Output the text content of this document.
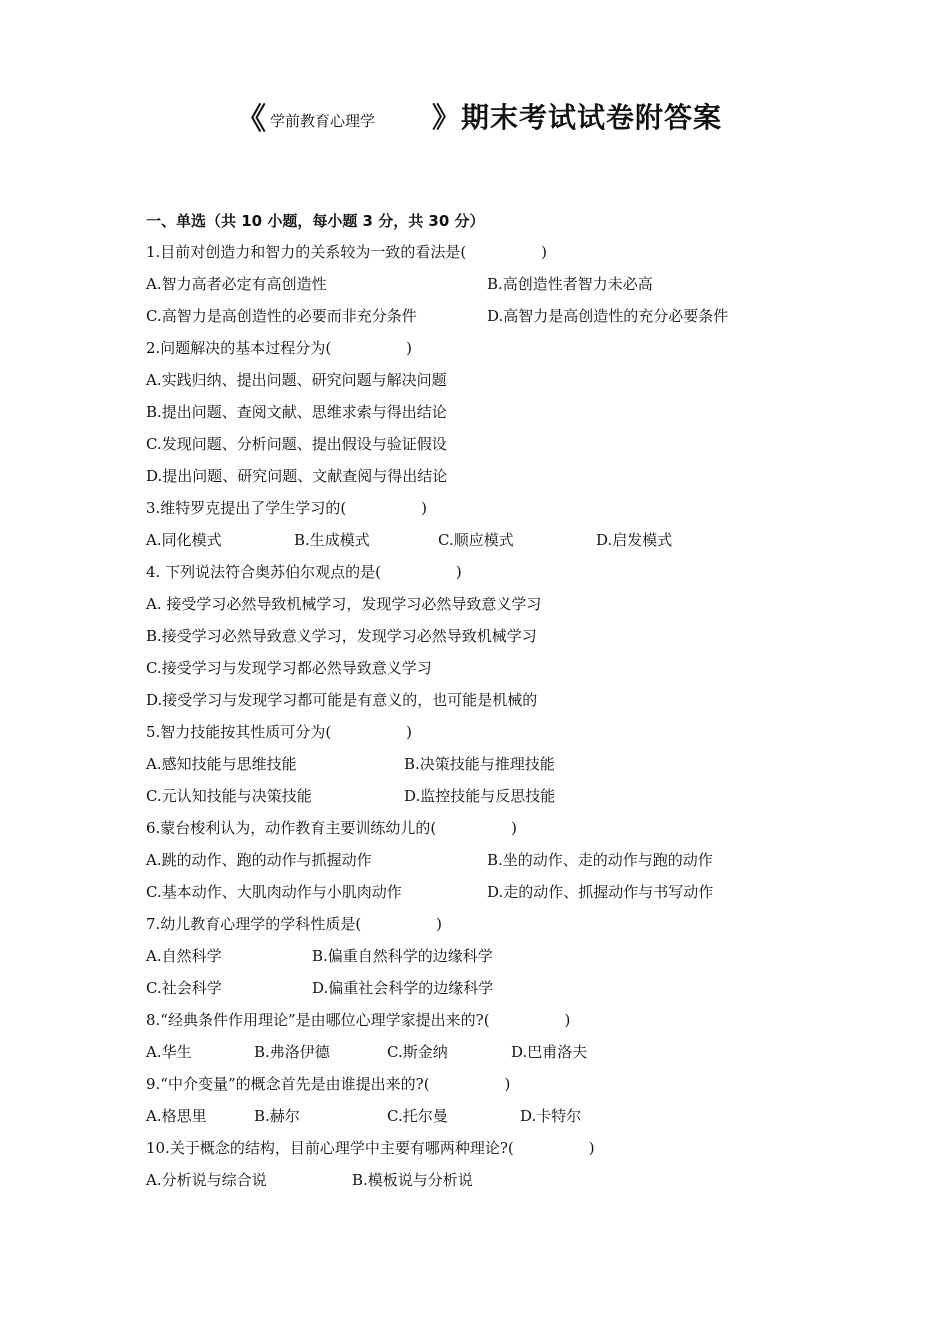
《 学前教育心理学 》期末考试试卷附答案
一、单选（共 10 小题，每小题 3 分，共 30 分）
1.目前对创造力和智力的关系较为一致的看法是(　　　　　)
A.智力高者必定有高创造性	B.高创造性者智力未必高
C.高智力是高创造性的必要而非充分条件	D.高智力是高创造性的充分必要条件
2.问题解决的基本过程分为(　　　　　)
A.实践归纳、提出问题、研究问题与解决问题
B.提出问题、查阅文献、思维求索与得出结论
C.发现问题、分析问题、提出假设与验证假设
D.提出问题、研究问题、文献查阅与得出结论
3.维特罗克提出了学生学习的(　　　　　)
A.同化模式	B.生成模式	C.顺应模式	D.启发模式
4. 下列说法符合奥苏伯尔观点的是(　　　　　)
A. 接受学习必然导致机械学习，发现学习必然导致意义学习
B.接受学习必然导致意义学习，发现学习必然导致机械学习
C.接受学习与发现学习都必然导致意义学习
D.接受学习与发现学习都可能是有意义的，也可能是机械的
5.智力技能按其性质可分为(　　　　　)
A.感知技能与思维技能	B.决策技能与推理技能
C.元认知技能与决策技能	D.监控技能与反思技能
6.蒙台梭利认为，动作教育主要训练幼儿的(　　　　　)
A.跳的动作、跑的动作与抓握动作	B.坐的动作、走的动作与跑的动作
C.基本动作、大肌肉动作与小肌肉动作	D.走的动作、抓握动作与书写动作
7.幼儿教育心理学的学科性质是(　　　　　)
A.自然科学	B.偏重自然科学的边缘科学
C.社会科学	D.偏重社会科学的边缘科学
8.“经典条件作用理论”是由哪位心理学家提出来的?(　　　　　)
A.华生	B.弗洛伊德	C.斯金纳	D.巴甫洛夫
9.“中介变量”的概念首先是由谁提出来的?(　　　　　)
A.格思里	B.赫尔	C.托尔曼	D.卡特尔
10.关于概念的结构，目前心理学中主要有哪两种理论?(　　　　　)
A.分析说与综合说	B.模板说与分析说
